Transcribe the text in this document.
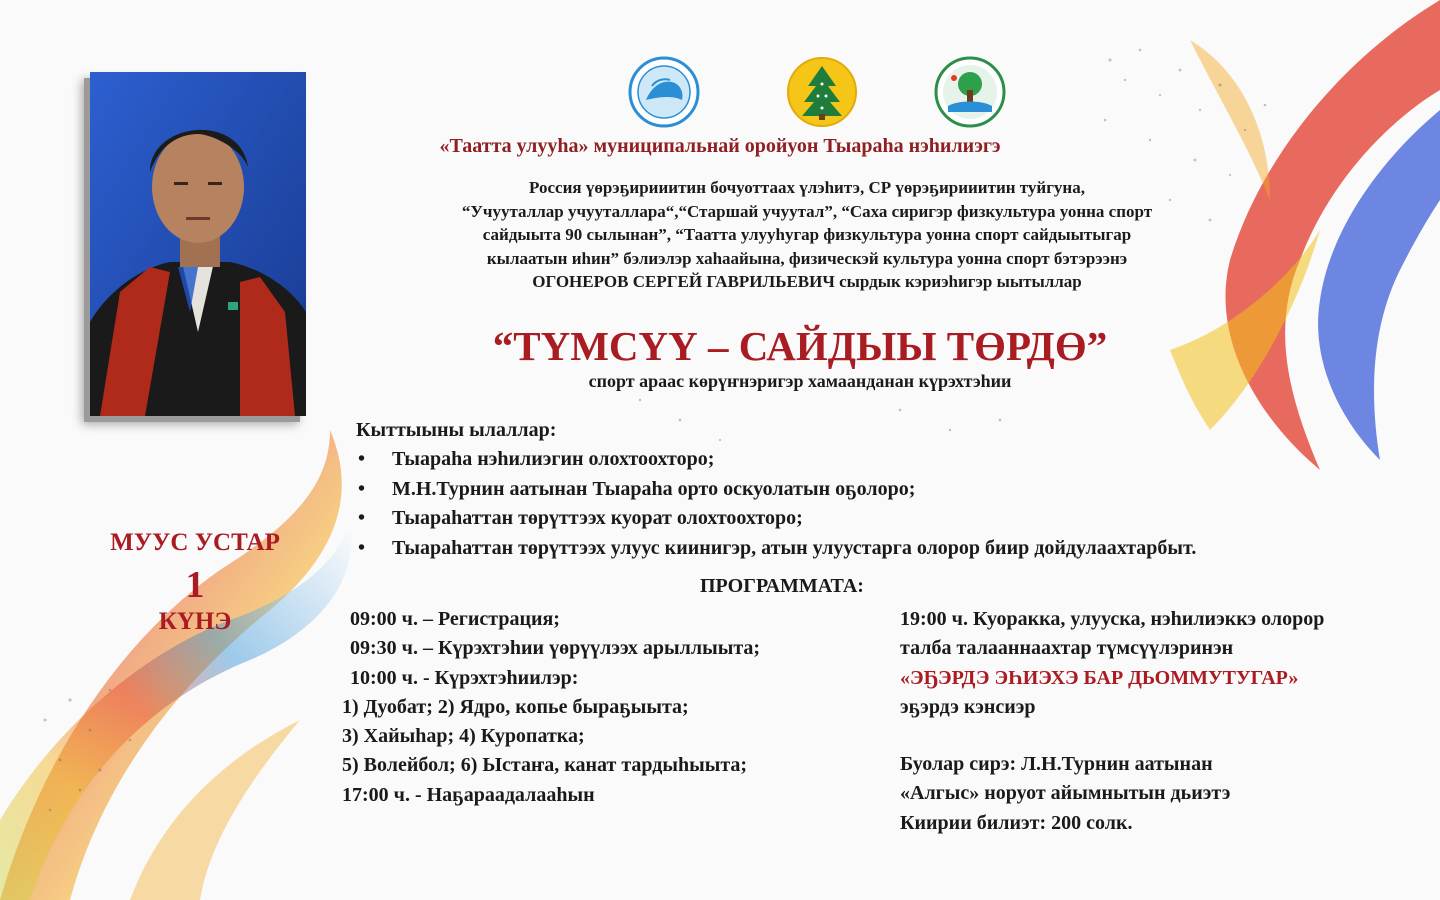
«Таатта улууһа» муниципальнай оройуон Тыараһа нэһилиэгэ
Россия үөрэҕирииитин бочуоттаах үлэһитэ, СР үөрэҕирииитин туйгуна,
“Учууталлар учууталлара“,“Старшай учуутал”, “Саха сиригэр физкультура уонна спорт
сайдыыта 90 сылынан”, “Таатта улууһугар физкультура уонна спорт сайдыытыгар
кылаатын иһин” бэлиэлэр хаһаайына, физическэй культура уонна спорт бэтэрээнэ
ОГОНЕРОВ СЕРГЕЙ ГАВРИЛЬЕВИЧ сырдык кэриэһигэр ыытыллар
“ТҮМСҮҮ – САЙДЫЫ ТӨРДӨ”
спорт араас көрүҥнэригэр хамаанданан күрэхтэһии
Кыттыыны ылаллар:
• Тыараһа нэһилиэгин олохтоохторо;
• М.Н.Турнин аатынан Тыараһа орто оскуолатын оҕолоро;
• Тыараһаттан төрүттээх куорат олохтоохторо;
• Тыараһаттан төрүттээх улуус киинигэр, атын улуустарга олорор биир дойдулаахтарбыт.
МУУС УСТАР
1
КҮНЭ
ПРОГРАММАТА:
09:00 ч. – Регистрация;
09:30 ч. – Күрэхтэһии үөрүүлээх арыллыыта;
10:00 ч. - Күрэхтэһиилэр:
1) Дуобат; 2) Ядро, копье быраҕыыта;
3) Хайыһар; 4) Куропатка;
5) Волейбол; 6) Ыстаҥа, канат тардыһыыта;
17:00 ч. - Наҕараадалааһын
19:00 ч. Куоракка, улууска, нэһилиэккэ олорор
талба талааннаахтар түмсүүлэринэн
«ЭҔЭРДЭ ЭҺИЭХЭ БАР ДЬОММУТУГАР»
эҕэрдэ кэнсиэр
Буолар сирэ: Л.Н.Турнин аатынан
«Алгыс» норуот айымнытын дьиэтэ
Киирии билиэт: 200 солк.
